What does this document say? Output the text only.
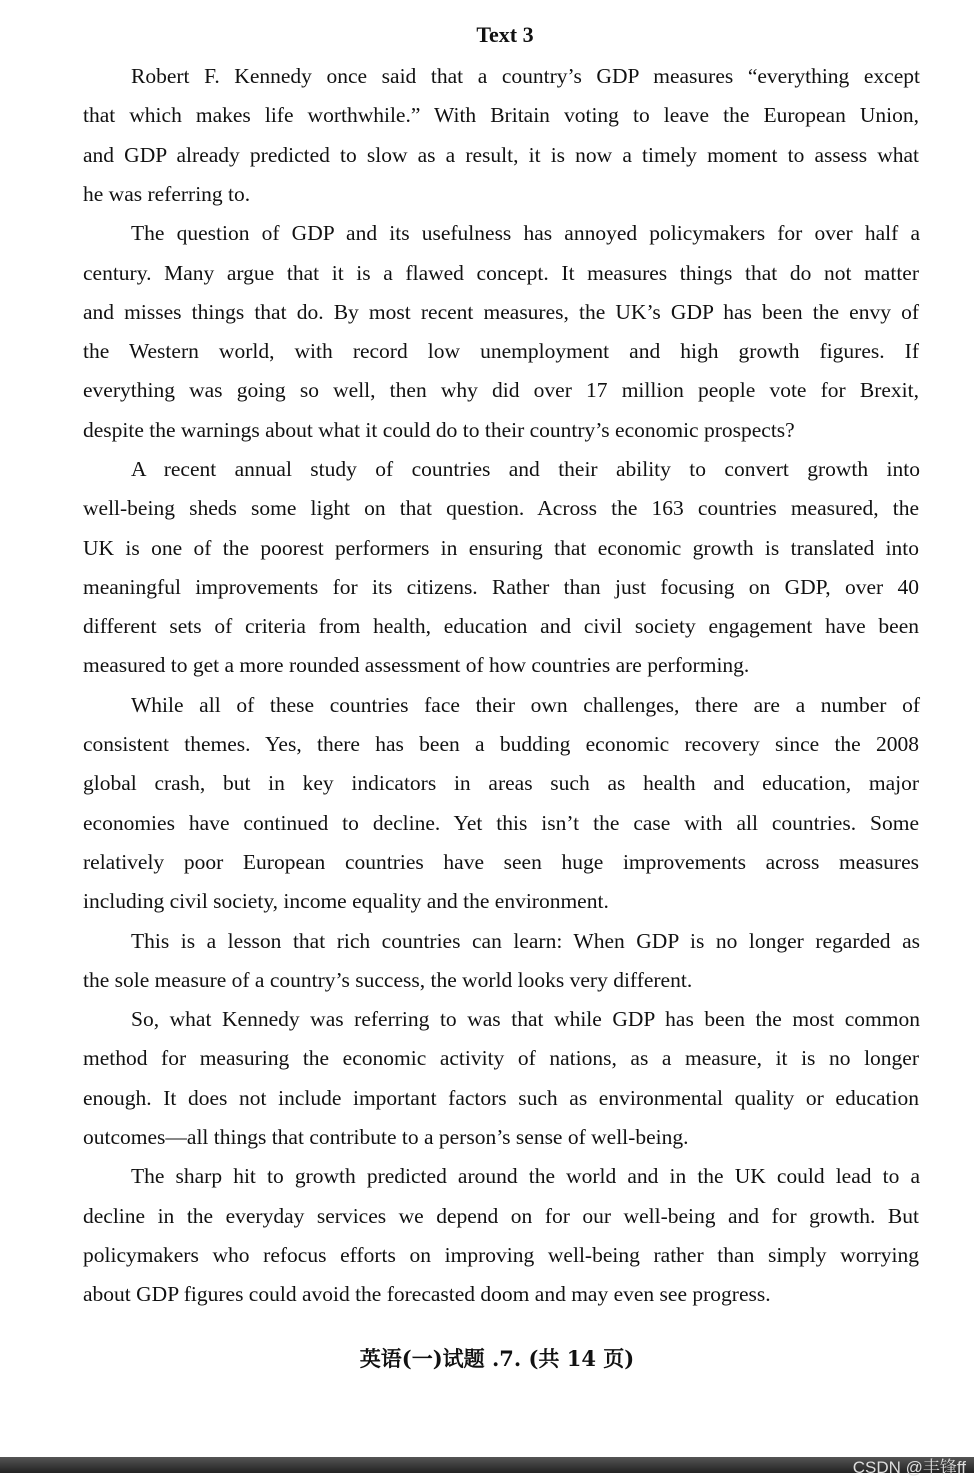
Text 3
Robert F. Kennedy once said that a country’s GDP measures “everything except
that which makes life worthwhile.” With Britain voting to leave the European Union,
and GDP already predicted to slow as a result, it is now a timely moment to assess what
he was referring to.
The question of GDP and its usefulness has annoyed policymakers for over half a
century. Many argue that it is a flawed concept. It measures things that do not matter
and misses things that do. By most recent measures, the UK’s GDP has been the envy of
the Western world, with record low unemployment and high growth figures. If
everything was going so well, then why did over 17 million people vote for Brexit,
despite the warnings about what it could do to their country’s economic prospects?
A recent annual study of countries and their ability to convert growth into
well-being sheds some light on that question. Across the 163 countries measured, the
UK is one of the poorest performers in ensuring that economic growth is translated into
meaningful improvements for its citizens. Rather than just focusing on GDP, over 40
different sets of criteria from health, education and civil society engagement have been
measured to get a more rounded assessment of how countries are performing.
While all of these countries face their own challenges, there are a number of
consistent themes. Yes, there has been a budding economic recovery since the 2008
global crash, but in key indicators in areas such as health and education, major
economies have continued to decline. Yet this isn’t the case with all countries. Some
relatively poor European countries have seen huge improvements across measures
including civil society, income equality and the environment.
This is a lesson that rich countries can learn: When GDP is no longer regarded as
the sole measure of a country’s success, the world looks very different.
So, what Kennedy was referring to was that while GDP has been the most common
method for measuring the economic activity of nations, as a measure, it is no longer
enough. It does not include important factors such as environmental quality or education
outcomes—all things that contribute to a person’s sense of well-being.
The sharp hit to growth predicted around the world and in the UK could lead to a
decline in the everyday services we depend on for our well-being and for growth. But
policymakers who refocus efforts on improving well-being rather than simply worrying
about GDP figures could avoid the forecasted doom and may even see progress.
英语(一)试题 .7. (共 14 页)
CSDN @丰锋ff
